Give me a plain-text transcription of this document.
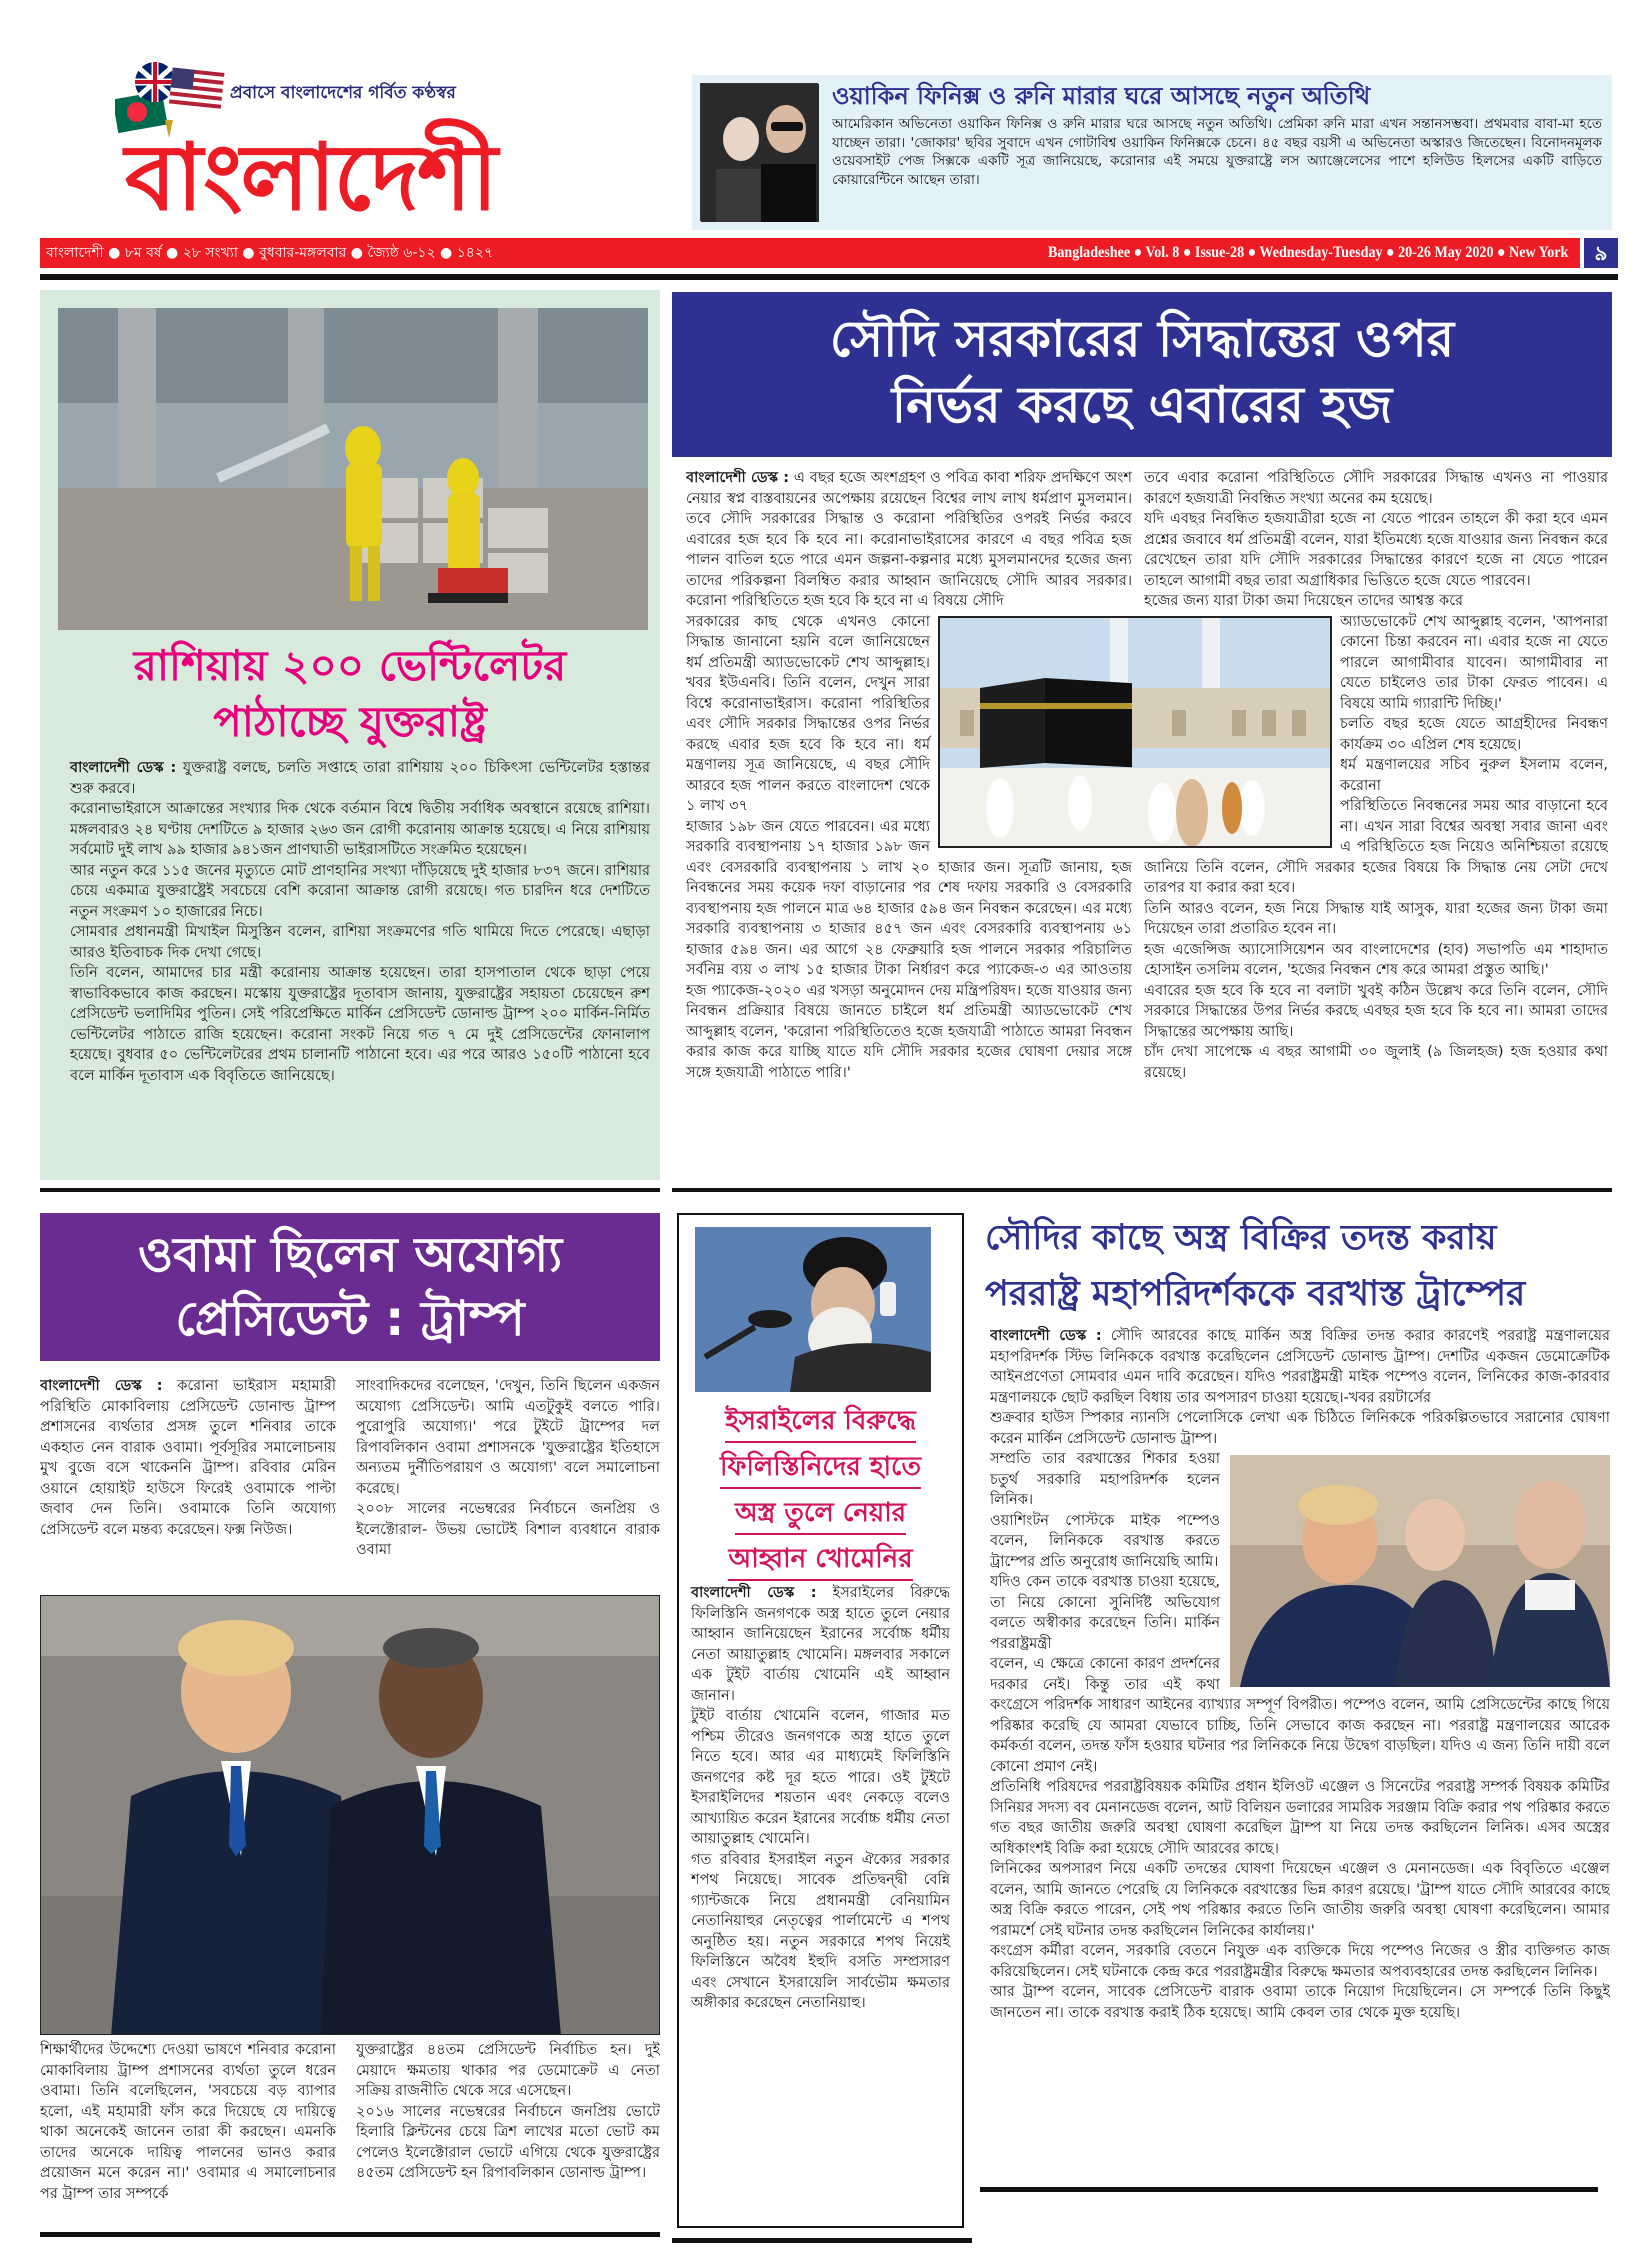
প্রবাসে বাংলাদেশের গর্বিত কণ্ঠস্বর
বাংলাদেশী
ওয়াকিন ফিনিক্স ও রুনি মারার ঘরে আসছে নতুন অতিথি

আমেরিকান অভিনেতা ওয়াকিন ফিনিক্স ও রুনি মারার ঘরে আসছে নতুন অতিথি। প্রেমিকা রুনি মারা এখন সন্তানসম্ভবা। প্রথমবার বাবা-মা হতে যাচ্ছেন তারা। 'জোকার' ছবির সুবাদে এখন গোটাবিশ্ব ওয়াকিন ফিনিক্সকে চেনে। ৪৫ বছর বয়সী এ অভিনেতা অস্কারও জিতেছেন। বিনোদনমূলক ওয়েবসাইট পেজ সিক্সকে একটি সূত্র জানিয়েছে, করোনার এই সময়ে যুক্তরাষ্ট্রে লস অ্যাঞ্জেলেসের পাশে হলিউড হিলসের একটি বাড়িতে কোয়ারেন্টিনে আছেন তারা।

বাংলাদেশী ● ৮ম বর্ষ ● ২৮ সংখ্যা ● বুধবার-মঙ্গলবার ● জ্যৈষ্ঠ ৬-১২ ● ১৪২৭	Bangladeshee ● Vol. 8 ● Issue-28 ● Wednesday-Tuesday ● 20-26 May 2020 ● New York	৯
রাশিয়ায় ২০০ ভেন্টিলেটর
পাঠাচ্ছে যুক্তরাষ্ট্র

বাংলাদেশী ডেস্ক : যুক্তরাষ্ট্র বলছে, চলতি সপ্তাহে তারা রাশিয়ায় ২০০ চিকিৎসা ভেন্টিলেটর হস্তান্তর শুরু করবে।

করোনাভাইরাসে আক্রান্তের সংখ্যার দিক থেকে বর্তমান বিশ্বে দ্বিতীয় সর্বাধিক অবস্থানে রয়েছে রাশিয়া। মঙ্গলবারও ২৪ ঘণ্টায় দেশটিতে ৯ হাজার ২৬৩ জন রোগী করোনায় আক্রান্ত হয়েছে। এ নিয়ে রাশিয়ায় সর্বমোট দুই লাখ ৯৯ হাজার ৯৪১জন প্রাণঘাতী ভাইরাসটিতে সংক্রমিত হয়েছেন।

আর নতুন করে ১১৫ জনের মৃত্যুতে মোট প্রাণহানির সংখ্যা দাঁড়িয়েছে দুই হাজার ৮৩৭ জনে। রাশিয়ার চেয়ে একমাত্র যুক্তরাষ্ট্রেই সবচেয়ে বেশি করোনা আক্রান্ত রোগী রয়েছে। গত চারদিন ধরে দেশটিতে নতুন সংক্রমণ ১০ হাজারের নিচে।

সোমবার প্রধানমন্ত্রী মিখাইল মিসুস্তিন বলেন, রাশিয়া সংক্রমণের গতি থামিয়ে দিতে পেরেছে। এছাড়া আরও ইতিবাচক দিক দেখা গেছে।

তিনি বলেন, আমাদের চার মন্ত্রী করোনায় আক্রান্ত হয়েছেন। তারা হাসপাতাল থেকে ছাড়া পেয়ে স্বাভাবিকভাবে কাজ করছেন। মস্কোয় যুক্তরাষ্ট্রের দূতাবাস জানায়, যুক্তরাষ্ট্রের সহায়তা চেয়েছেন রুশ প্রেসিডেন্ট ভলাদিমির পুতিন। সেই পরিপ্রেক্ষিতে মার্কিন প্রেসিডেন্ট ডোনাল্ড ট্রাম্প ২০০ মার্কিন-নির্মিত ভেন্টিলেটর পাঠাতে রাজি হয়েছেন। করোনা সংকট নিয়ে গত ৭ মে দুই প্রেসিডেন্টের ফোনালাপ হয়েছে। বুধবার ৫০ ভেন্টিলেটরের প্রথম চালানটি পাঠানো হবে। এর পরে আরও ১৫০টি পাঠানো হবে বলে মার্কিন দূতাবাস এক বিবৃতিতে জানিয়েছে।

সৌদি সরকারের সিদ্ধান্তের ওপর
নির্ভর করছে এবারের হজ

বাংলাদেশী ডেস্ক : এ বছর হজে অংশগ্রহণ ও পবিত্র কাবা শরিফ প্রদক্ষিণে অংশ নেয়ার স্বপ্ন বাস্তবায়নের অপেক্ষায় রয়েছেন বিশ্বের লাখ লাখ ধর্মপ্রাণ মুসলমান। তবে সৌদি সরকারের সিদ্ধান্ত ও করোনা পরিস্থিতির ওপরই নির্ভর করবে এবারের হজ হবে কি হবে না। করোনাভাইরাসের কারণে এ বছর পবিত্র হজ পালন বাতিল হতে পারে এমন জল্পনা-কল্পনার মধ্যে মুসলমানদের হজের জন্য তাদের পরিকল্পনা বিলম্বিত করার আহ্বান জানিয়েছে সৌদি আরব সরকার। করোনা পরিস্থিতিতে হজ হবে কি হবে না এ বিষয়ে সৌদি

সরকারের কাছ থেকে এখনও কোনো সিদ্ধান্ত জানানো হয়নি বলে জানিয়েছেন ধর্ম প্রতিমন্ত্রী অ্যাডভোকেট শেখ আব্দুল্লাহ। খবর ইউএনবি। তিনি বলেন, দেখুন সারা বিশ্বে করোনাভাইরাস। করোনা পরিস্থিতির এবং সৌদি সরকার সিদ্ধান্তের ওপর নির্ভর করছে এবার হজ হবে কি হবে না। ধর্ম মন্ত্রণালয় সূত্র জানিয়েছে, এ বছর সৌদি আরবে হজ পালন করতে বাংলাদেশ থেকে ১ লাখ ৩৭

হাজার ১৯৮ জন যেতে পারবেন। এর মধ্যে সরকারি ব্যবস্থাপনায় ১৭ হাজার ১৯৮ জন এবং বেসরকারি ব্যবস্থাপনায় ১ লাখ ২০ হাজার জন। সূত্রটি জানায়, হজ নিবন্ধনের সময় কয়েক দফা বাড়ানোর পর শেষ দফায় সরকারি ও বেসরকারি ব্যবস্থাপনায় হজ পালনে মাত্র ৬৪ হাজার ৫৯৪ জন নিবন্ধন করেছেন। এর মধ্যে সরকারি ব্যবস্থাপনায় ৩ হাজার ৪৫৭ জন এবং বেসরকারি ব্যবস্থাপনায় ৬১ হাজার ৫৯৪ জন। এর আগে ২৪ ফেব্রুয়ারি হজ পালনে সরকার পরিচালিত সর্বনিম্ন ব্যয় ৩ লাখ ১৫ হাজার টাকা নির্ধারণ করে প্যাকেজ-৩ এর আওতায় হজ প্যাকেজ-২০২০ এর খসড়া অনুমোদন দেয় মন্ত্রিপরিষদ। হজে যাওয়ার জন্য নিবন্ধন প্রক্রিয়ার বিষয়ে জানতে চাইলে ধর্ম প্রতিমন্ত্রী অ্যাডভোকেট শেখ আব্দুল্লাহ বলেন, 'করোনা পরিস্থিতিতেও হজে হজযাত্রী পাঠাতে আমরা নিবন্ধন করার কাজ করে যাচ্ছি যাতে যদি সৌদি সরকার হজের ঘোষণা দেয়ার সঙ্গে সঙ্গে হজযাত্রী পাঠাতে পারি।'

তবে এবার করোনা পরিস্থিতিতে সৌদি সরকারের সিদ্ধান্ত এখনও না পাওয়ার কারণে হজযাত্রী নিবন্ধিত সংখ্যা অনের কম হয়েছে।

যদি এবছর নিবন্ধিত হজযাত্রীরা হজে না যেতে পারেন তাহলে কী করা হবে এমন প্রশ্নের জবাবে ধর্ম প্রতিমন্ত্রী বলেন, যারা ইতিমধ্যে হজে যাওয়ার জন্য নিবন্ধন করে রেখেছেন তারা যদি সৌদি সরকারের সিদ্ধান্তের কারণে হজে না যেতে পারেন তাহলে আগামী বছর তারা অগ্রাধিকার ভিত্তিতে হজে যেতে পারবেন।

হজের জন্য যারা টাকা জমা দিয়েছেন তাদের আশ্বস্ত করে

অ্যাডভোকেট শেখ আব্দুল্লাহ বলেন, 'আপনারা কোনো চিন্তা করবেন না। এবার হজে না যেতে পারলে আগামীবার যাবেন। আগামীবার না যেতে চাইলেও তার টাকা ফেরত পাবেন। এ বিষয়ে আমি গ্যারান্টি দিচ্ছি।'

চলতি বছর হজে যেতে আগ্রহীদের নিবন্ধণ কার্যক্রম ৩০ এপ্রিল শেষ হয়েছে।

ধর্ম মন্ত্রণালয়ের সচিব নুরুল ইসলাম বলেন, করোনা

পরিস্থিতিতে নিবন্ধনের সময় আর বাড়ানো হবে না। এখন সারা বিশ্বের অবস্থা সবার জানা এবং এ পরিস্থিতিতে হজ নিয়েও অনিশ্চিয়তা রয়েছে জানিয়ে তিনি বলেন, সৌদি সরকার হজের বিষয়ে কি সিদ্ধান্ত নেয় সেটা দেখে তারপর যা করার করা হবে।

তিনি আরও বলেন, হজ নিয়ে সিদ্ধান্ত যাই আসুক, যারা হজের জন্য টাকা জমা দিয়েছেন তারা প্রতারিত হবেন না।

হজ এজেন্সিজ অ্যাসোসিয়েশন অব বাংলাদেশের (হাব) সভাপতি এম শাহাদাত হোসাইন তসলিম বলেন, 'হজের নিবন্ধন শেষ করে আমরা প্রস্তুত আছি।'

এবারের হজ হবে কি হবে না বলাটা খুবই কঠিন উল্লেখ করে তিনি বলেন, সৌদি সরকারে সিদ্ধান্তের উপর নির্ভর করছে এবছর হজ হবে কি হবে না। আমরা তাদের সিদ্ধান্তের অপেক্ষায় আছি।

চাঁদ দেখা সাপেক্ষে এ বছর আগামী ৩০ জুলাই (৯ জিলহজ) হজ হওয়ার কথা রয়েছে।

ওবামা ছিলেন অযোগ্য
প্রেসিডেন্ট : ট্রাম্প

বাংলাদেশী ডেস্ক : করোনা ভাইরাস মহামারী পরিস্থিতি মোকাবিলায় প্রেসিডেন্ট ডোনাল্ড ট্রাম্প প্রশাসনের ব্যর্থতার প্রসঙ্গ তুলে শনিবার তাকে একহাত নেন বারাক ওবামা। পূর্বসূরির সমালোচনায় মুখ বুজে বসে থাকেননি ট্রাম্প। রবিবার মেরিন ওয়ানে হোয়াইট হাউসে ফিরেই ওবামাকে পাল্টা জবাব দেন তিনি। ওবামাকে তিনি অযোগ্য প্রেসিডেন্ট বলে মন্তব্য করেছেন। ফক্স নিউজ।

সাংবাদিকদের বলেছেন, 'দেখুন, তিনি ছিলেন একজন অযোগ্য প্রেসিডেন্ট। আমি এতটুকুই বলতে পারি। পুরোপুরি অযোগ্য।' পরে টুইটে ট্রাম্পের দল রিপাবলিকান ওবামা প্রশাসনকে 'যুক্তরাষ্ট্রের ইতিহাসে অন্যতম দুর্নীতিপরায়ণ ও অযোগ্য' বলে সমালোচনা করেছে।

২০০৮ সালের নভেম্বরের নির্বাচনে জনপ্রিয় ও ইলেক্টোরাল- উভয় ভোটেই বিশাল ব্যবধানে বারাক ওবামা

শিক্ষার্থীদের উদ্দেশ্যে দেওয়া ভাষণে শনিবার করোনা মোকাবিলায় ট্রাম্প প্রশাসনের ব্যর্থতা তুলে ধরেন ওবামা। তিনি বলেছিলেন, 'সবচেয়ে বড় ব্যাপার হলো, এই মহামারী ফাঁস করে দিয়েছে যে দায়িত্বে থাকা অনেকেই জানেন তারা কী করছেন। এমনকি তাদের অনেকে দায়িত্ব পালনের ভানও করার প্রয়োজন মনে করেন না।' ওবামার এ সমালোচনার পর ট্রাম্প তার সম্পর্কে

যুক্তরাষ্ট্রের ৪৪তম প্রেসিডেন্ট নির্বাচিত হন। দুই মেয়াদে ক্ষমতায় থাকার পর ডেমোক্রেট এ নেতা সক্রিয় রাজনীতি থেকে সরে এসেছেন।

২০১৬ সালের নভেম্বরের নির্বাচনে জনপ্রিয় ভোটে হিলারি ক্লিন্টনের চেয়ে ত্রিশ লাখের মতো ভোট কম পেলেও ইলেক্টোরাল ভোটে এগিয়ে থেকে যুক্তরাষ্ট্রের ৪৫তম প্রেসিডেন্ট হন রিপাবলিকান ডোনাল্ড ট্রাম্প।

ইসরাইলের বিরুদ্ধে ফিলিস্তিনিদের হাতে অস্ত্র তুলে নেয়ার আহ্বান খোমেনির

বাংলাদেশী ডেস্ক : ইসরাইলের বিরুদ্ধে ফিলিস্তিনি জনগণকে অস্ত্র হাতে তুলে নেয়ার আহ্বান জানিয়েছেন ইরানের সর্বোচ্চ ধর্মীয় নেতা আয়াতুল্লাহ খোমেনি। মঙ্গলবার সকালে এক টুইট বার্তায় খোমেনি এই আহ্বান জানান।

টুইট বার্তায় খোমেনি বলেন, গাজার মত পশ্চিম তীরেও জনগণকে অস্ত্র হাতে তুলে নিতে হবে। আর এর মাধ্যমেই ফিলিস্তিনি জনগণের কষ্ট দূর হতে পারে। ওই টুইটে ইসরাইলিদের শয়তান এবং নেকড়ে বলেও আখ্যায়িত করেন ইরানের সর্বোচ্চ ধর্মীয় নেতা আয়াতুল্লাহ খোমেনি।

গত রবিবার ইসরাইল নতুন ঐক্যের সরকার শপথ নিয়েছে। সাবেক প্রতিদ্বন্দ্বী বেন্নি গ্যান্টজকে নিয়ে প্রধানমন্ত্রী বেনিয়ামিন নেতানিয়াহুর নেতৃত্বের পার্লামেন্টে এ শপথ অনুষ্ঠিত হয়। নতুন সরকারে শপথ নিয়েই ফিলিস্তিনে অবৈধ ইহুদি বসতি সম্প্রসারণ এবং সেখানে ইসরায়েলি সার্বভৌম ক্ষমতার অঙ্গীকার করেছেন নেতানিয়াহু।

সৌদির কাছে অস্ত্র বিক্রির তদন্ত করায়
পররাষ্ট্র মহাপরিদর্শককে বরখাস্ত ট্রাম্পের

বাংলাদেশী ডেস্ক : সৌদি আরবের কাছে মার্কিন অস্ত্র বিক্রির তদন্ত করার কারণেই পররাষ্ট্র মন্ত্রণালয়ের মহাপরিদর্শক স্টিভ লিনিককে বরখাস্ত করেছিলেন প্রেসিডেন্ট ডোনাল্ড ট্রাম্প। দেশটির একজন ডেমোক্রেটিক আইনপ্রণেতা সোমবার এমন দাবি করেছেন। যদিও পররাষ্ট্রমন্ত্রী মাইক পম্পেও বলেন, লিনিকের কাজ-কারবার মন্ত্রণালয়কে ছোট করছিল বিধায় তার অপসারণ চাওয়া হয়েছে।-খবর রয়টার্সের

শুক্রবার হাউস স্পিকার ন্যানসি পেলোসিকে লেখা এক চিঠিতে লিনিককে পরিকল্পিতভাবে সরানোর ঘোষণা করেন মার্কিন প্রেসিডেন্ট ডোনাল্ড ট্রাম্প।

সম্প্রতি তার বরখাস্তের শিকার হওয়া চতুর্থ সরকারি মহাপরিদর্শক হলেন লিনিক।

ওয়াশিংটন পোস্টকে মাইক পম্পেও বলেন, লিনিককে বরখাস্ত করতে ট্রাম্পের প্রতি অনুরোধ জানিয়েছি আমি।

যদিও কেন তাকে বরখাস্ত চাওয়া হয়েছে, তা নিয়ে কোনো সুনির্দিষ্ট অভিযোগ বলতে অস্বীকার করেছেন তিনি। মার্কিন পররাষ্ট্রমন্ত্রী

বলেন, এ ক্ষেত্রে কোনো কারণ প্রদর্শনের দরকার নেই। কিন্তু তার এই কথা কংগ্রেসে পরিদর্শক সাধারণ আইনের ব্যাখ্যার সম্পূর্ণ বিপরীত। পম্পেও বলেন, আমি প্রেসিডেন্টের কাছে গিয়ে পরিষ্কার করেছি যে আমরা যেভাবে চাচ্ছি, তিনি সেভাবে কাজ করছেন না। পররাষ্ট্র মন্ত্রণালয়ের আরেক কর্মকর্তা বলেন, তদন্ত ফাঁস হওয়ার ঘটনার পর লিনিককে নিয়ে উদ্বেগ বাড়ছিল। যদিও এ জন্য তিনি দায়ী বলে কোনো প্রমাণ নেই।

প্রতিনিধি পরিষদের পররাষ্ট্রবিষয়ক কমিটির প্রধান ইলিওট এঞ্জেল ও সিনেটের পররাষ্ট্র সম্পর্ক বিষয়ক কমিটির সিনিয়র সদস্য বব মেনানডেজ বলেন, আট বিলিয়ন ডলারের সামরিক সরঞ্জাম বিক্রি করার পথ পরিষ্কার করতে গত বছর জাতীয় জরুরি অবস্থা ঘোষণা করেছিল ট্রাম্প যা নিয়ে তদন্ত করছিলেন লিনিক। এসব অস্ত্রের অধিকাংশই বিক্রি করা হয়েছে সৌদি আরবের কাছে।

লিনিকের অপসারণ নিয়ে একটি তদন্তের ঘোষণা দিয়েছেন এঞ্জেল ও মেনানডেজ। এক বিবৃতিতে এঞ্জেল বলেন, আমি জানতে পেরেছি যে লিনিককে বরখাস্তের ভিন্ন কারণ রয়েছে। 'ট্রাম্প যাতে সৌদি আরবের কাছে অস্ত্র বিক্রি করতে পারেন, সেই পথ পরিষ্কার করতে তিনি জাতীয় জরুরি অবস্থা ঘোষণা করেছিলেন। আমার পরামর্শে সেই ঘটনার তদন্ত করছিলেন লিনিকের কার্যালয়।'

কংগ্রেস কর্মীরা বলেন, সরকারি বেতনে নিযুক্ত এক ব্যক্তিকে দিয়ে পম্পেও নিজের ও স্ত্রীর ব্যক্তিগত কাজ করিয়েছিলেন। সেই ঘটনাকে কেন্দ্র করে পররাষ্ট্রমন্ত্রীর বিরুদ্ধে ক্ষমতার অপব্যবহারের তদন্ত করছিলেন লিনিক।

আর ট্রাম্প বলেন, সাবেক প্রেসিডেন্ট বারাক ওবামা তাকে নিয়োগ দিয়েছিলেন। সে সম্পর্কে তিনি কিছুই জানতেন না। তাকে বরখাস্ত করাই ঠিক হয়েছে। আমি কেবল তার থেকে মুক্ত হয়েছি।
